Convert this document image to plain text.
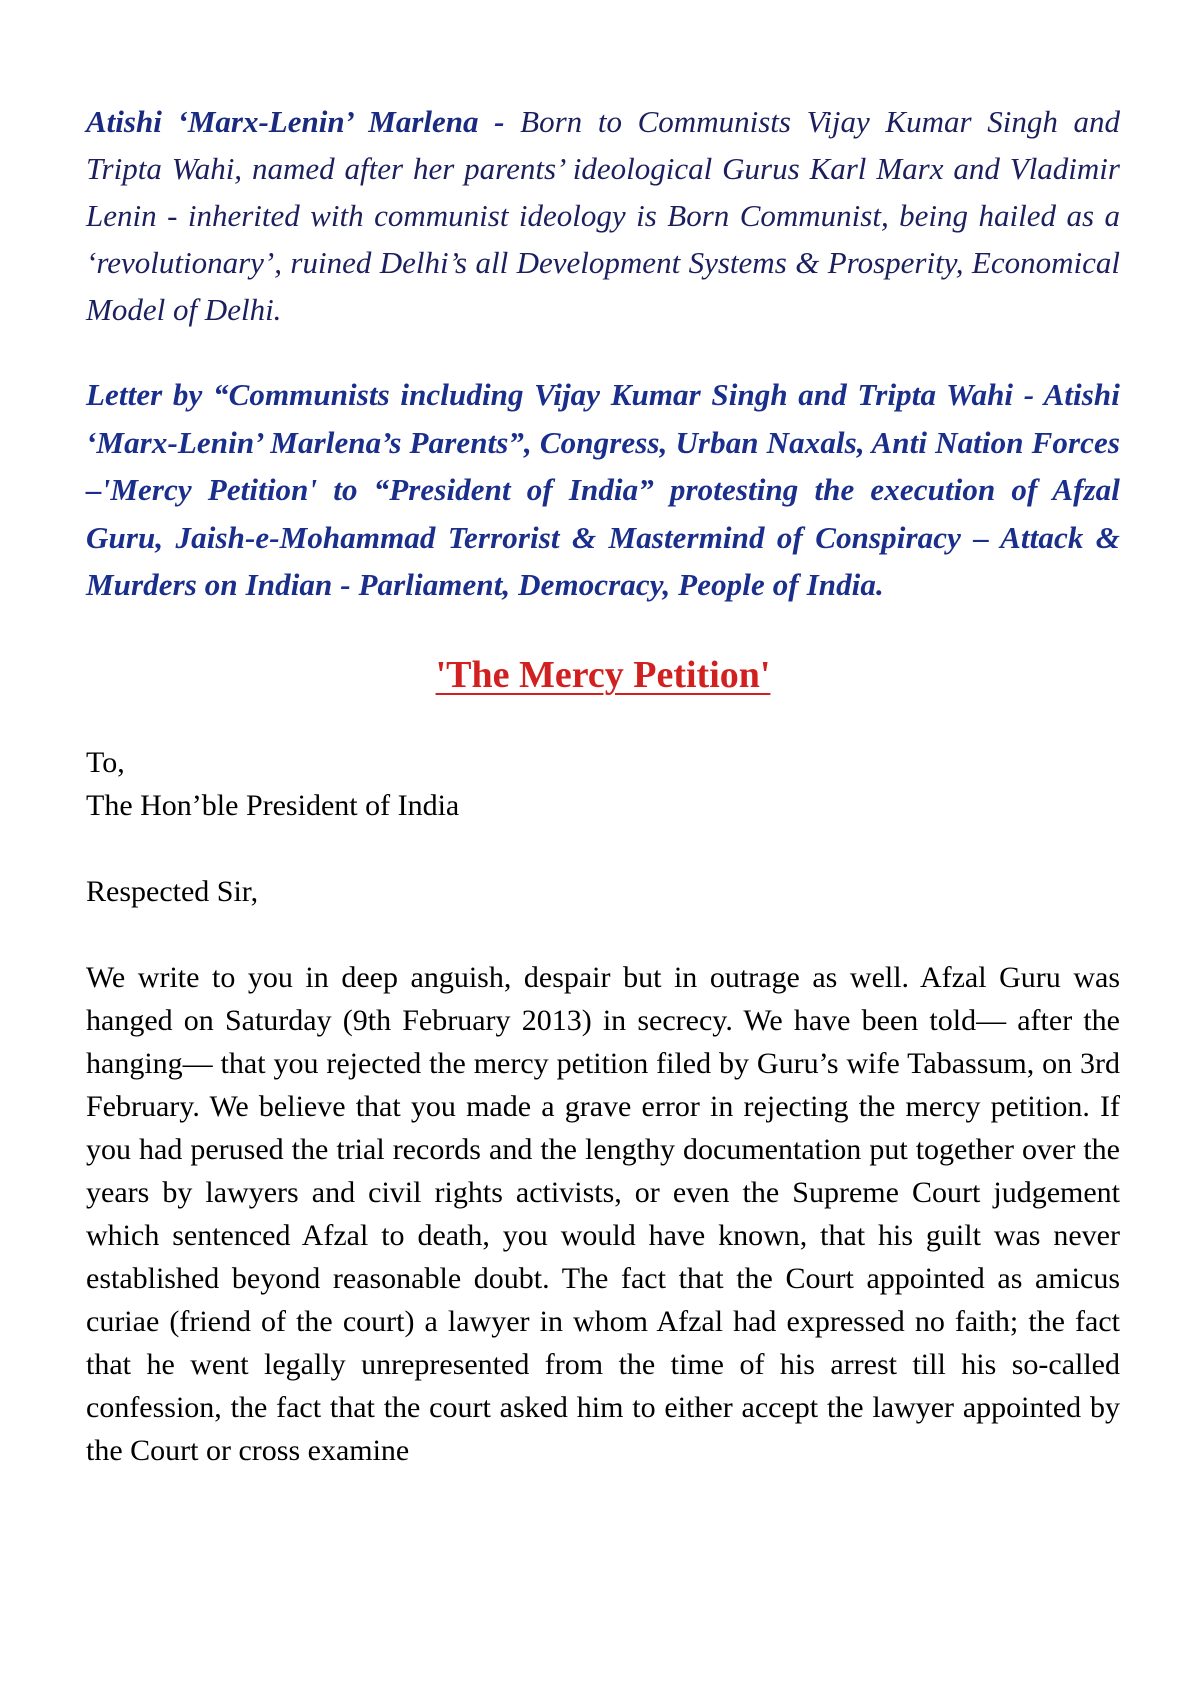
Atishi ‘Marx-Lenin’ Marlena - Born to Communists Vijay Kumar Singh and Tripta Wahi, named after her parents’ ideological Gurus Karl Marx and Vladimir Lenin - inherited with communist ideology is Born Communist, being hailed as a ‘revolutionary’, ruined Delhi’s all Development Systems & Prosperity, Economical Model of Delhi.

Letter by “Communists including Vijay Kumar Singh and Tripta Wahi - Atishi ‘Marx-Lenin’ Marlena’s Parents”, Congress, Urban Naxals, Anti Nation Forces –'Mercy Petition' to “President of India” protesting the execution of Afzal Guru, Jaish-e-Mohammad Terrorist & Mastermind of Conspiracy – Attack & Murders on Indian - Parliament, Democracy, People of India.

'The Mercy Petition'

To,

The Hon’ble President of India

Respected Sir,

We write to you in deep anguish, despair but in outrage as well. Afzal Guru was hanged on Saturday (9th February 2013) in secrecy. We have been told— after the hanging— that you rejected the mercy petition filed by Guru’s wife Tabassum, on 3rd February. We believe that you made a grave error in rejecting the mercy petition. If you had perused the trial records and the lengthy documentation put together over the years by lawyers and civil rights activists, or even the Supreme Court judgement which sentenced Afzal to death, you would have known, that his guilt was never established beyond reasonable doubt. The fact that the Court appointed as amicus curiae (friend of the court) a lawyer in whom Afzal had expressed no faith; the fact that he went legally unrepresented from the time of his arrest till his so-called confession, the fact that the court asked him to either accept the lawyer appointed by the Court or cross examine
